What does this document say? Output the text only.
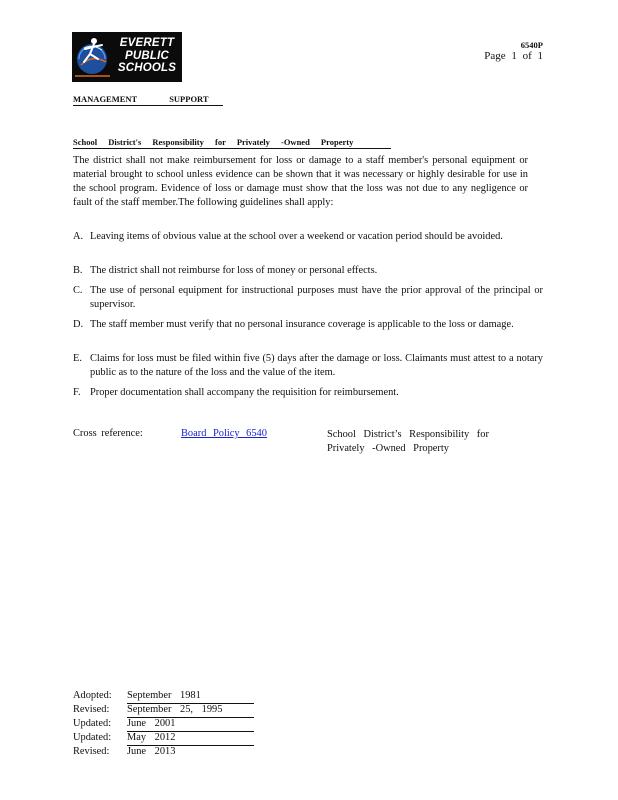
EVERETT
PUBLIC
SCHOOLS
6540P
Page 1 of 1
MANAGEMENT SUPPORT
School District's Responsibility for Privately -Owned Property
The district shall not make reimbursement for loss or damage to a staff member's personal equipment or material brought to school unless evidence can be shown that it was necessary or highly desirable for use in the school program. Evidence of loss or damage must show that the loss was not due to any negligence or fault of the staff member.The following guidelines shall apply:
A. Leaving items of obvious value at the school over a weekend or vacation period should be avoided.
B. The district shall not reimburse for loss of money or personal effects.
C. The use of personal equipment for instructional purposes must have the prior approval of the principal or supervisor.
D. The staff member must verify that no personal insurance coverage is applicable to the loss or damage.
E. Claims for loss must be filed within five (5) days after the damage or loss. Claimants must attest to a notary public as to the nature of the loss and the value of the item.
F. Proper documentation shall accompany the requisition for reimbursement.
Cross reference:	Board Policy 6540	School District’s Responsibility for Privately -Owned Property
Adopted: September 1981
Revised: September 25, 1995
Updated: June 2001
Updated: May 2012
Revised: June 2013
